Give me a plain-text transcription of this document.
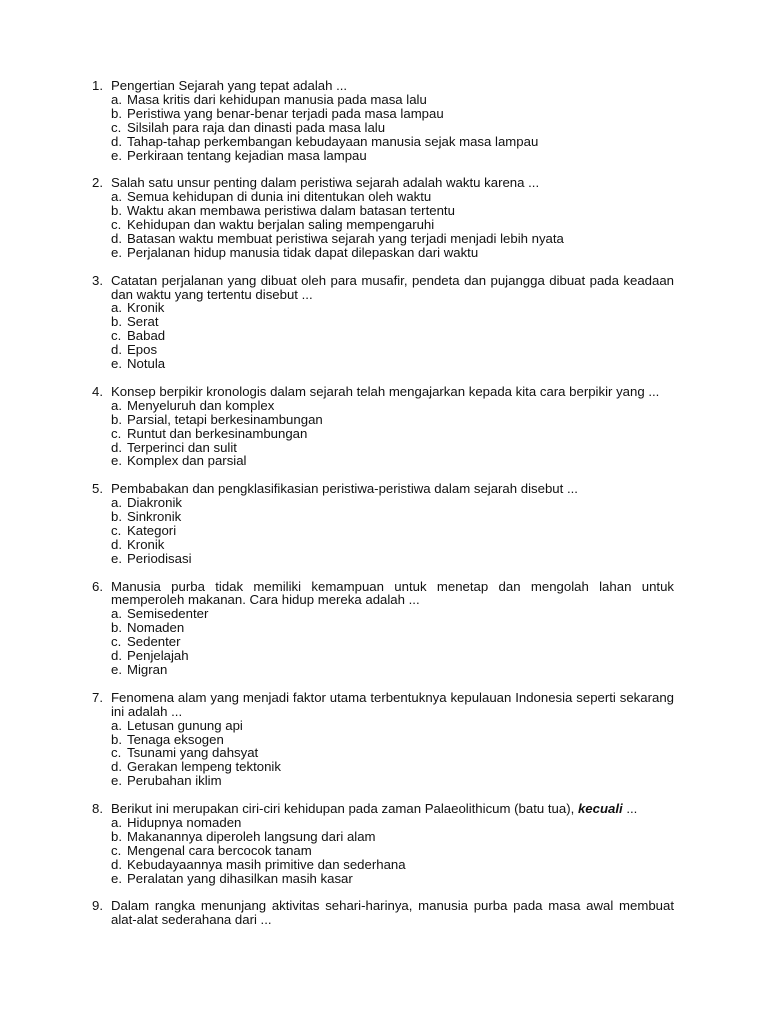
1. Pengertian Sejarah yang tepat adalah ...
a. Masa kritis dari kehidupan manusia pada masa lalu
b. Peristiwa yang benar-benar terjadi pada masa lampau
c. Silsilah para raja dan dinasti pada masa lalu
d. Tahap-tahap perkembangan kebudayaan manusia sejak masa lampau
e. Perkiraan tentang kejadian masa lampau
2. Salah satu unsur penting dalam peristiwa sejarah adalah waktu karena ...
a. Semua kehidupan di dunia ini ditentukan oleh waktu
b. Waktu akan membawa peristiwa dalam batasan tertentu
c. Kehidupan dan waktu berjalan saling mempengaruhi
d. Batasan waktu membuat peristiwa sejarah yang terjadi menjadi lebih nyata
e. Perjalanan hidup manusia tidak dapat dilepaskan dari waktu
3. Catatan perjalanan yang dibuat oleh para musafir, pendeta dan pujangga dibuat pada keadaan dan waktu yang tertentu disebut ...
a. Kronik
b. Serat
c. Babad
d. Epos
e. Notula
4. Konsep berpikir kronologis dalam sejarah telah mengajarkan kepada kita cara berpikir yang ...
a. Menyeluruh dan komplex
b. Parsial, tetapi berkesinambungan
c. Runtut dan berkesinambungan
d. Terperinci dan sulit
e. Komplex dan parsial
5. Pembabakan dan pengklasifikasian peristiwa-peristiwa dalam sejarah disebut ...
a. Diakronik
b. Sinkronik
c. Kategori
d. Kronik
e. Periodisasi
6. Manusia purba tidak memiliki kemampuan untuk menetap dan mengolah lahan untuk memperoleh makanan. Cara hidup mereka adalah ...
a. Semisedenter
b. Nomaden
c. Sedenter
d. Penjelajah
e. Migran
7. Fenomena alam yang menjadi faktor utama terbentuknya kepulauan Indonesia seperti sekarang ini adalah ...
a. Letusan gunung api
b. Tenaga eksogen
c. Tsunami yang dahsyat
d. Gerakan lempeng tektonik
e. Perubahan iklim
8. Berikut ini merupakan ciri-ciri kehidupan pada zaman Palaeolithicum (batu tua), kecuali ...
a. Hidupnya nomaden
b. Makanannya diperoleh langsung dari alam
c. Mengenal cara bercocok tanam
d. Kebudayaannya masih primitive dan sederhana
e. Peralatan yang dihasilkan masih kasar
9. Dalam rangka menunjang aktivitas sehari-harinya, manusia purba pada masa awal membuat alat-alat sederahana dari ...
